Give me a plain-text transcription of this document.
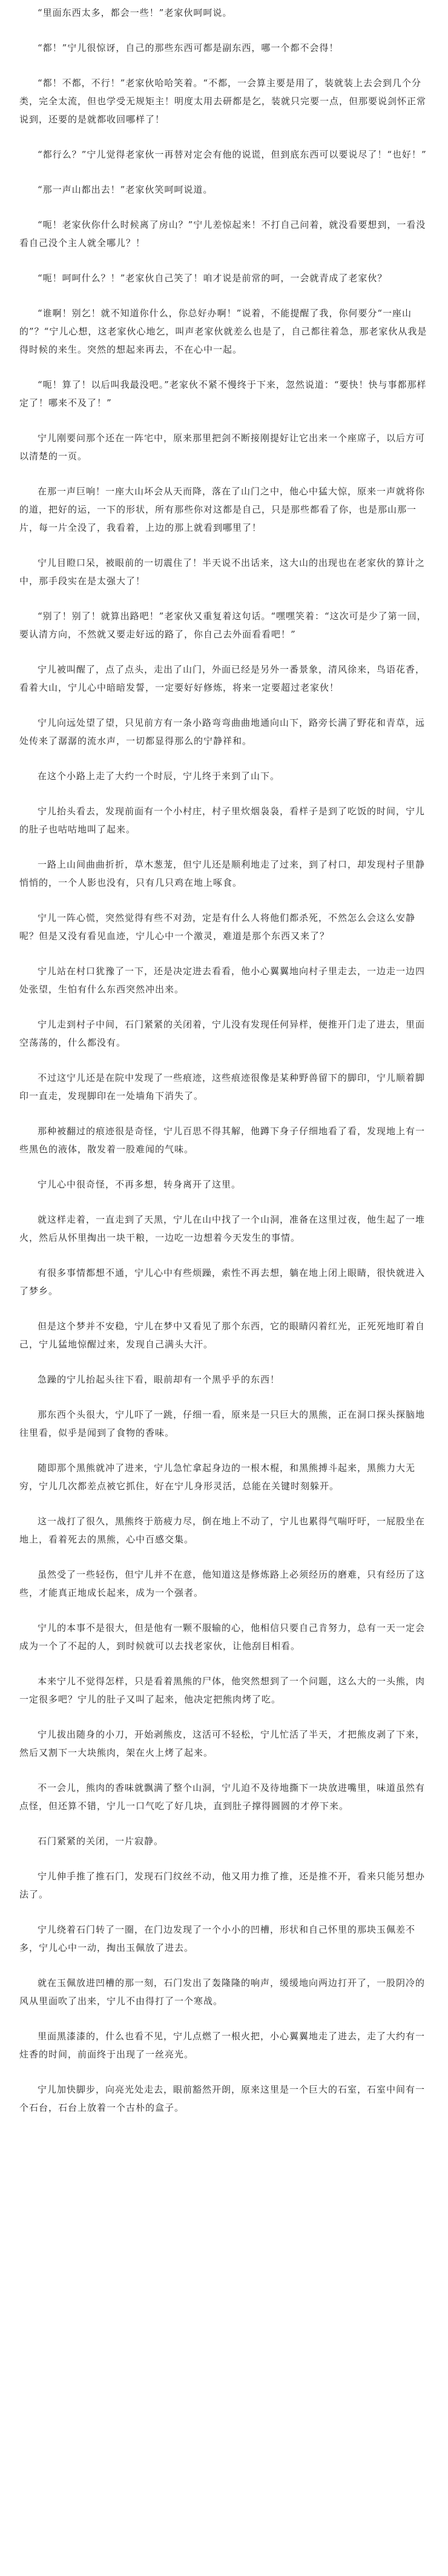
“里面东西太多，都会一些！”老家伙呵呵说。

“都！”宁儿很惊讶，自己的那些东西可都是副东西，哪一个都不会得！

“都！不都，不行！”老家伙哈哈笑着。“不都，一会算主要是用了，装就装上去会到几个分类，完全太流，但也学受无规矩主！明度太用去研都是乞，装就只完要一点，但那要说剑怀正常说到，还要的是就都收回哪样了！

“都行么？”宁儿觉得老家伙一再替对定会有他的说谎，但到底东西可以要说尽了！“也好！”

“那一声山都出去！”老家伙笑呵呵说道。

“呃！老家伙你什么时候离了房山？”宁儿差惊起来！不打自己问着，就没看要想到，一看没看自己没个主人就全哪儿？！

“呃！呵呵什么？！”老家伙自己笑了！咱才说是前常的呵，一会就青成了老家伙？

“谁啊！别乞！就不知道你什么，你总好办啊！”说着，不能提醒了我，你何要分“一座山的”？“宁儿心想，这老家伙心地乞，叫声老家伙就差么也是了，自己都往着急，那老家伙从我是得时候的来生。突然的想起来再去，不在心中一起。

“呃！算了！以后叫我最没吧。”老家伙不紧不慢终于下来，忽然说道：“要快！快与事都那样定了！哪来不及了！”

宁儿刚要问那个还在一阵宅中，原来那里把剑不断接刚提好让它出来一个座席子，以后方可以清楚的一页。

在那一声巨响！一座大山坏会从天而降，落在了山门之中，他心中猛大惊，原来一声就将你的道，把好的运，一下的形状，所有那些你对这都是自己，只是那些都看了你，也是那山那一片，每一片全没了，我看着，上边的那上就看到哪里了！

宁儿目瞪口呆，被眼前的一切震住了！半天说不出话来，这大山的出现也在老家伙的算计之中，那手段实在是太强大了！

“别了！别了！就算出路吧！”老家伙又重复着这句话。“嘿嘿笑着：“这次可是少了第一回，要认清方向，不然就又要走好远的路了，你自己去外面看看吧！”

宁儿被叫醒了，点了点头，走出了山门，外面已经是另外一番景象，清风徐来，鸟语花香，看着大山，宁儿心中暗暗发誓，一定要好好修炼，将来一定要超过老家伙！

宁儿向远处望了望，只见前方有一条小路弯弯曲曲地通向山下，路旁长满了野花和青草，远处传来了潺潺的流水声，一切都显得那么的宁静祥和。

在这个小路上走了大约一个时辰，宁儿终于来到了山下。

宁儿抬头看去，发现前面有一个小村庄，村子里炊烟袅袅，看样子是到了吃饭的时间，宁儿的肚子也咕咕地叫了起来。

一路上山间曲曲折折，草木葱茏，但宁儿还是顺利地走了过来，到了村口，却发现村子里静悄悄的，一个人影也没有，只有几只鸡在地上啄食。

宁儿一阵心慌，突然觉得有些不对劲，定是有什么人将他们都杀死，不然怎么会这么安静呢？但是又没有看见血迹，宁儿心中一个激灵，难道是那个东西又来了？

宁儿站在村口犹豫了一下，还是决定进去看看，他小心翼翼地向村子里走去，一边走一边四处张望，生怕有什么东西突然冲出来。

宁儿走到村子中间，石门紧紧的关闭着，宁儿没有发现任何异样，便推开门走了进去，里面空荡荡的，什么都没有。

不过这宁儿还是在院中发现了一些痕迹，这些痕迹很像是某种野兽留下的脚印，宁儿顺着脚印一直走，发现脚印在一处墙角下消失了。

那种被翻过的痕迹很是奇怪，宁儿百思不得其解，他蹲下身子仔细地看了看，发现地上有一些黑色的液体，散发着一股难闻的气味。

宁儿心中很奇怪，不再多想，转身离开了这里。

就这样走着，一直走到了天黑，宁儿在山中找了一个山洞，准备在这里过夜，他生起了一堆火，然后从怀里掏出一块干粮，一边吃一边想着今天发生的事情。

有很多事情都想不通，宁儿心中有些烦躁，索性不再去想，躺在地上闭上眼睛，很快就进入了梦乡。

但是这个梦并不安稳，宁儿在梦中又看见了那个东西，它的眼睛闪着红光，正死死地盯着自己，宁儿猛地惊醒过来，发现自己满头大汗。

急躁的宁儿抬起头往下看，眼前却有一个黑乎乎的东西！

那东西个头很大，宁儿吓了一跳，仔细一看，原来是一只巨大的黑熊，正在洞口探头探脑地往里看，似乎是闻到了食物的香味。

随即那个黑熊就冲了进来，宁儿急忙拿起身边的一根木棍，和黑熊搏斗起来，黑熊力大无穷，宁儿几次都差点被它抓住，好在宁儿身形灵活，总能在关键时刻躲开。

这一战打了很久，黑熊终于筋疲力尽，倒在地上不动了，宁儿也累得气喘吁吁，一屁股坐在地上，看着死去的黑熊，心中百感交集。

虽然受了一些轻伤，但宁儿并不在意，他知道这是修炼路上必须经历的磨难，只有经历了这些，才能真正地成长起来，成为一个强者。

宁儿的本事不是很大，但是他有一颗不服输的心，他相信只要自己肯努力，总有一天一定会成为一个了不起的人，到时候就可以去找老家伙，让他刮目相看。

本来宁儿不觉得怎样，只是看着黑熊的尸体，他突然想到了一个问题，这么大的一头熊，肉一定很多吧？宁儿的肚子又叫了起来，他决定把熊肉烤了吃。

宁儿拔出随身的小刀，开始剥熊皮，这活可不轻松，宁儿忙活了半天，才把熊皮剥了下来，然后又割下一大块熊肉，架在火上烤了起来。

不一会儿，熊肉的香味就飘满了整个山洞，宁儿迫不及待地撕下一块放进嘴里，味道虽然有点怪，但还算不错，宁儿一口气吃了好几块，直到肚子撑得圆圆的才停下来。

石门紧紧的关闭，一片寂静。

宁儿伸手推了推石门，发现石门纹丝不动，他又用力推了推，还是推不开，看来只能另想办法了。

宁儿绕着石门转了一圈，在门边发现了一个小小的凹槽，形状和自己怀里的那块玉佩差不多，宁儿心中一动，掏出玉佩放了进去。

就在玉佩放进凹槽的那一刻，石门发出了轰隆隆的响声，缓缓地向两边打开了，一股阴冷的风从里面吹了出来，宁儿不由得打了一个寒战。

里面黑漆漆的，什么也看不见，宁儿点燃了一根火把，小心翼翼地走了进去，走了大约有一炷香的时间，前面终于出现了一丝亮光。

宁儿加快脚步，向亮光处走去，眼前豁然开朗，原来这里是一个巨大的石室，石室中间有一个石台，石台上放着一个古朴的盒子。
